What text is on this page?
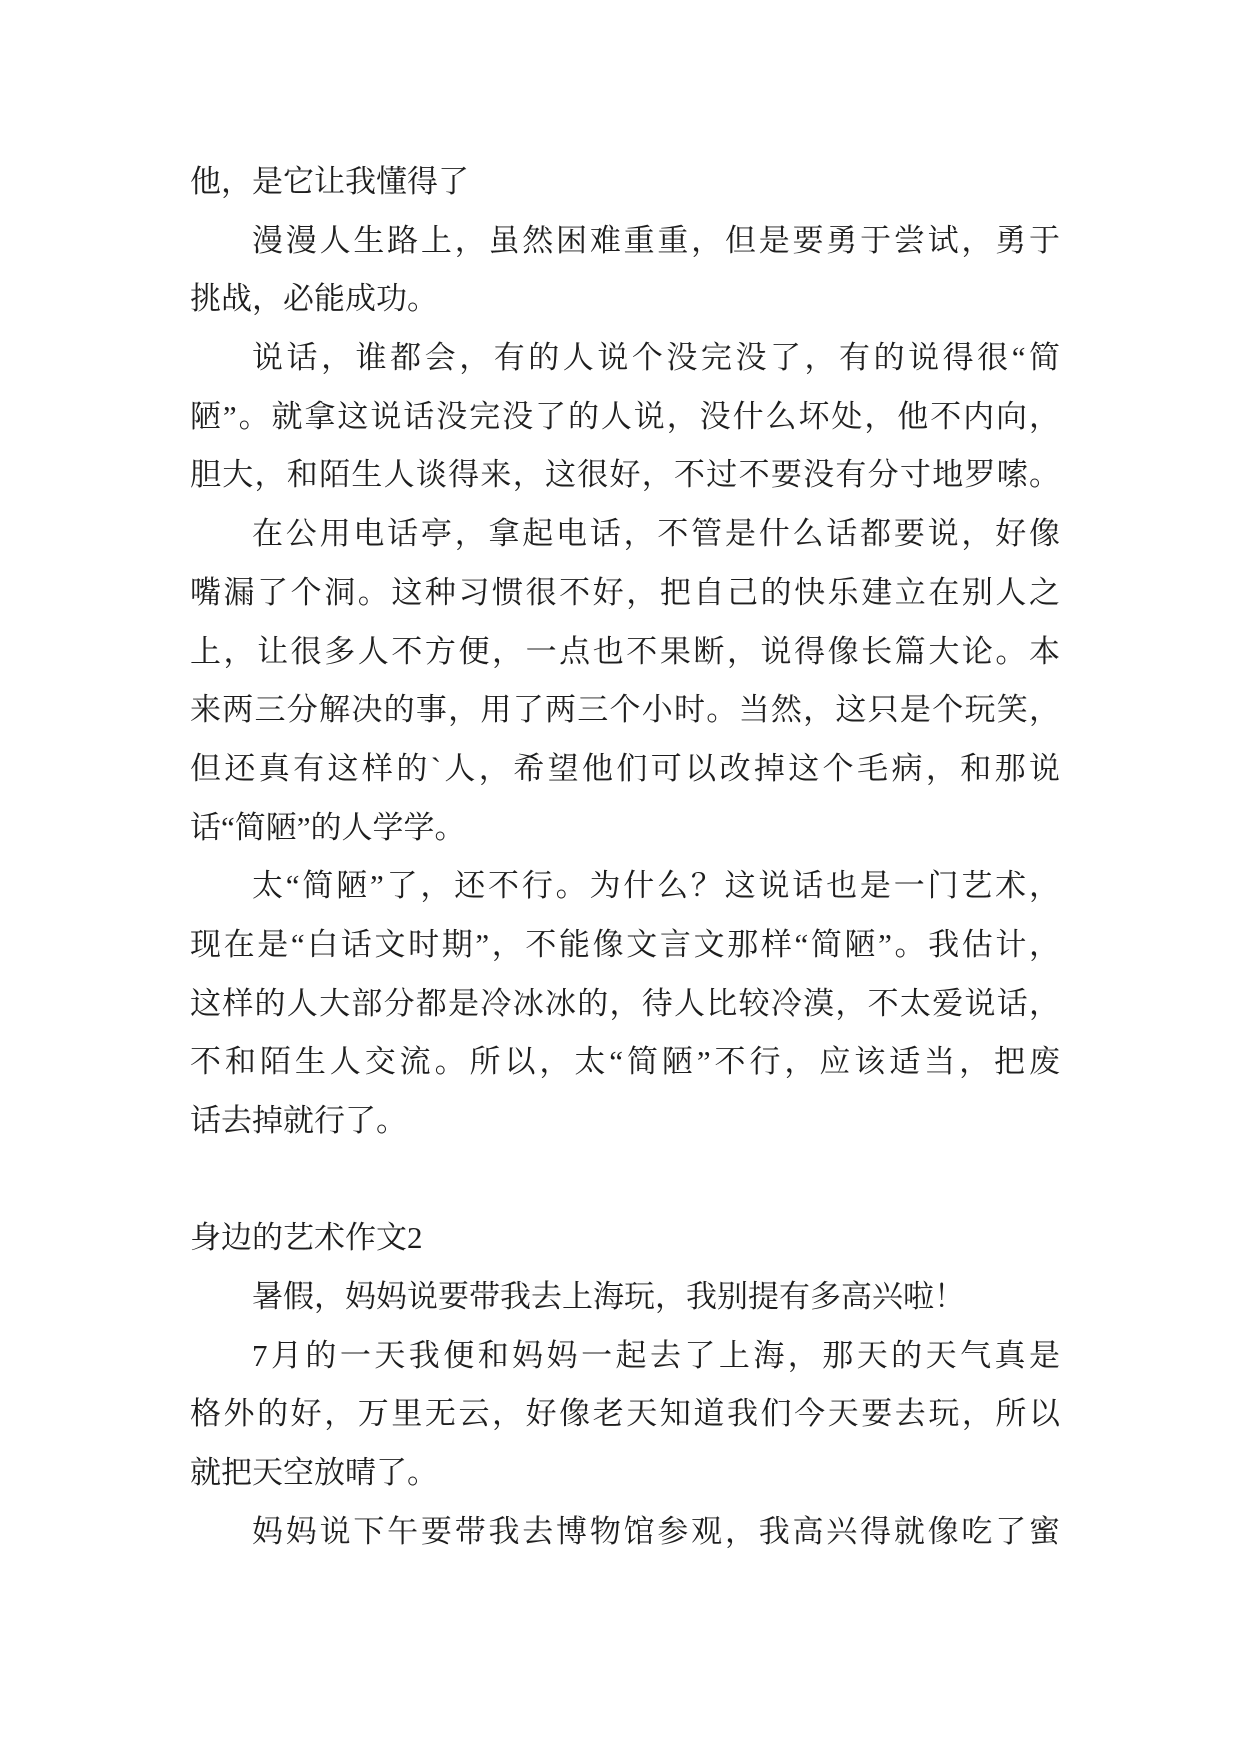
他，是它让我懂得了
漫漫人生路上，虽然困难重重，但是要勇于尝试，勇于
挑战，必能成功。
说话，谁都会，有的人说个没完没了，有的说得很“简
陋”。就拿这说话没完没了的人说，没什么坏处，他不内向，
胆大，和陌生人谈得来，这很好，不过不要没有分寸地罗嗦。
在公用电话亭，拿起电话，不管是什么话都要说，好像
嘴漏了个洞。这种习惯很不好，把自己的快乐建立在别人之
上，让很多人不方便，一点也不果断，说得像长篇大论。本
来两三分解决的事，用了两三个小时。当然，这只是个玩笑，
但还真有这样的`人，希望他们可以改掉这个毛病，和那说
话“简陋”的人学学。
太“简陋”了，还不行。为什么？这说话也是一门艺术，
现在是“白话文时期”，不能像文言文那样“简陋”。我估计，
这样的人大部分都是冷冰冰的，待人比较冷漠，不太爱说话，
不和陌生人交流。所以，太“简陋”不行，应该适当，把废
话去掉就行了。
身边的艺术作文2
暑假，妈妈说要带我去上海玩，我别提有多高兴啦！
7月的一天我便和妈妈一起去了上海，那天的天气真是
格外的好，万里无云，好像老天知道我们今天要去玩，所以
就把天空放晴了。
妈妈说下午要带我去博物馆参观，我高兴得就像吃了蜜
